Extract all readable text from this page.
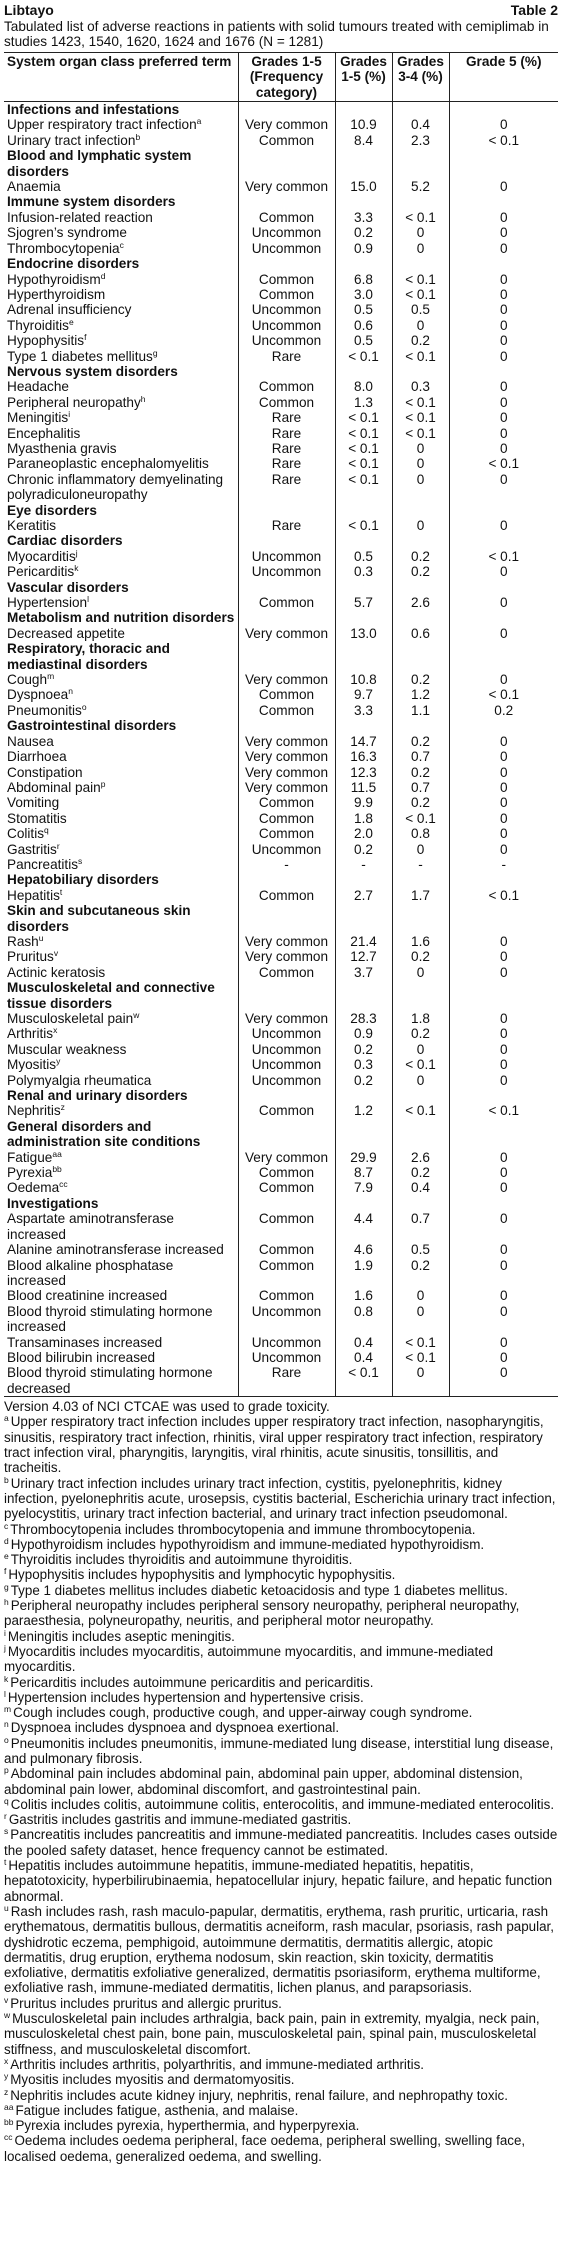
Libtayo	Table 2
Tabulated list of adverse reactions in patients with solid tumours treated with cemiplimab in studies 1423, 1540, 1620, 1624 and 1676 (N = 1281)
System organ class preferred term	Grades 1-5 (Frequency category)	Grades 1-5 (%)	Grades 3-4 (%)	Grade 5 (%)
Infections and infestations				
Upper respiratory tract infection$^a$	Very common	10.9	0.4	0
Urinary tract infection$^b$	Common	8.4	2.3	< 0.1
Blood and lymphatic system disorders				
Anaemia	Very common	15.0	5.2	0
Immune system disorders				
Infusion-related reaction	Common	3.3	< 0.1	0
Sjogren’s syndrome	Uncommon	0.2	0	0
Thrombocytopenia$^c$	Uncommon	0.9	0	0
Endocrine disorders				
Hypothyroidism$^d$	Common	6.8	< 0.1	0
Hyperthyroidism	Common	3.0	< 0.1	0
Adrenal insufficiency	Uncommon	0.5	0.5	0
Thyroiditis$^e$	Uncommon	0.6	0	0
Hypophysitis$^f$	Uncommon	0.5	0.2	0
Type 1 diabetes mellitus$^g$	Rare	< 0.1	< 0.1	0
Nervous system disorders				
Headache	Common	8.0	0.3	0
Peripheral neuropathy$^h$	Common	1.3	< 0.1	0
Meningitis$^i$	Rare	< 0.1	< 0.1	0
Encephalitis	Rare	< 0.1	< 0.1	0
Myasthenia gravis	Rare	< 0.1	0	0
Paraneoplastic encephalomyelitis	Rare	< 0.1	0	< 0.1
Chronic inflammatory demyelinating polyradiculoneuropathy	Rare	< 0.1	0	0
Eye disorders				
Keratitis	Rare	< 0.1	0	0
Cardiac disorders				
Myocarditis$^j$	Uncommon	0.5	0.2	< 0.1
Pericarditis$^k$	Uncommon	0.3	0.2	0
Vascular disorders				
Hypertension$^l$	Common	5.7	2.6	0
Metabolism and nutrition disorders				
Decreased appetite	Very common	13.0	0.6	0
Respiratory, thoracic and mediastinal disorders				
Cough$^m$	Very common	10.8	0.2	0
Dyspnoea$^n$	Common	9.7	1.2	< 0.1
Pneumonitis$^o$	Common	3.3	1.1	0.2
Gastrointestinal disorders				
Nausea	Very common	14.7	0.2	0
Diarrhoea	Very common	16.3	0.7	0
Constipation	Very common	12.3	0.2	0
Abdominal pain$^p$	Very common	11.5	0.7	0
Vomiting	Common	9.9	0.2	0
Stomatitis	Common	1.8	< 0.1	0
Colitis$^q$	Common	2.0	0.8	0
Gastritis$^r$	Uncommon	0.2	0	0
Pancreatitis$^s$	-	-	-	-
Hepatobiliary disorders				
Hepatitis$^t$	Common	2.7	1.7	< 0.1
Skin and subcutaneous skin disorders				
Rash$^u$	Very common	21.4	1.6	0
Pruritus$^v$	Very common	12.7	0.2	0
Actinic keratosis	Common	3.7	0	0
Musculoskeletal and connective tissue disorders				
Musculoskeletal pain$^w$	Very common	28.3	1.8	0
Arthritis$^x$	Uncommon	0.9	0.2	0
Muscular weakness	Uncommon	0.2	0	0
Myositis$^y$	Uncommon	0.3	< 0.1	0
Polymyalgia rheumatica	Uncommon	0.2	0	0
Renal and urinary disorders				
Nephritis$^z$	Common	1.2	< 0.1	< 0.1
General disorders and administration site conditions				
Fatigue$^{aa}$	Very common	29.9	2.6	0
Pyrexia$^{bb}$	Common	8.7	0.2	0
Oedema$^{cc}$	Common	7.9	0.4	0
Investigations				
Aspartate aminotransferase increased	Common	4.4	0.7	0
Alanine aminotransferase increased	Common	4.6	0.5	0
Blood alkaline phosphatase increased	Common	1.9	0.2	0
Blood creatinine increased	Common	1.6	0	0
Blood thyroid stimulating hormone increased	Uncommon	0.8	0	0
Transaminases increased	Uncommon	0.4	< 0.1	0
Blood bilirubin increased	Uncommon	0.4	< 0.1	0
Blood thyroid stimulating hormone decreased	Rare	< 0.1	0	0

Version 4.03 of NCI CTCAE was used to grade toxicity.

$^a$ Upper respiratory tract infection includes upper respiratory tract infection, nasopharyngitis, sinusitis, respiratory tract infection, rhinitis, viral upper respiratory tract infection, respiratory tract infection viral, pharyngitis, laryngitis, viral rhinitis, acute sinusitis, tonsillitis, and tracheitis.

$^b$ Urinary tract infection includes urinary tract infection, cystitis, pyelonephritis, kidney infection, pyelonephritis acute, urosepsis, cystitis bacterial, Escherichia urinary tract infection, pyelocystitis, urinary tract infection bacterial, and urinary tract infection pseudomonal.

$^c$ Thrombocytopenia includes thrombocytopenia and immune thrombocytopenia.

$^d$ Hypothyroidism includes hypothyroidism and immune-mediated hypothyroidism.

$^e$ Thyroiditis includes thyroiditis and autoimmune thyroiditis.

$^f$ Hypophysitis includes hypophysitis and lymphocytic hypophysitis.

$^g$ Type 1 diabetes mellitus includes diabetic ketoacidosis and type 1 diabetes mellitus.

$^h$ Peripheral neuropathy includes peripheral sensory neuropathy, peripheral neuropathy, paraesthesia, polyneuropathy, neuritis, and peripheral motor neuropathy.

$^i$ Meningitis includes aseptic meningitis.

$^j$ Myocarditis includes myocarditis, autoimmune myocarditis, and immune-mediated myocarditis.

$^k$ Pericarditis includes autoimmune pericarditis and pericarditis.

$^l$ Hypertension includes hypertension and hypertensive crisis.

$^m$ Cough includes cough, productive cough, and upper-airway cough syndrome.

$^n$ Dyspnoea includes dyspnoea and dyspnoea exertional.

$^o$ Pneumonitis includes pneumonitis, immune-mediated lung disease, interstitial lung disease, and pulmonary fibrosis.

$^p$ Abdominal pain includes abdominal pain, abdominal pain upper, abdominal distension, abdominal pain lower, abdominal discomfort, and gastrointestinal pain.

$^q$ Colitis includes colitis, autoimmune colitis, enterocolitis, and immune-mediated enterocolitis.

$^r$ Gastritis includes gastritis and immune-mediated gastritis.

$^s$ Pancreatitis includes pancreatitis and immune-mediated pancreatitis. Includes cases outside the pooled safety dataset, hence frequency cannot be estimated.

$^t$ Hepatitis includes autoimmune hepatitis, immune-mediated hepatitis, hepatitis, hepatotoxicity, hyperbilirubinaemia, hepatocellular injury, hepatic failure, and hepatic function abnormal.

$^u$ Rash includes rash, rash maculo-papular, dermatitis, erythema, rash pruritic, urticaria, rash erythematous, dermatitis bullous, dermatitis acneiform, rash macular, psoriasis, rash papular, dyshidrotic eczema, pemphigoid, autoimmune dermatitis, dermatitis allergic, atopic dermatitis, drug eruption, erythema nodosum, skin reaction, skin toxicity, dermatitis exfoliative, dermatitis exfoliative generalized, dermatitis psoriasiform, erythema multiforme, exfoliative rash, immune-mediated dermatitis, lichen planus, and parapsoriasis.

$^v$ Pruritus includes pruritus and allergic pruritus.

$^w$ Musculoskeletal pain includes arthralgia, back pain, pain in extremity, myalgia, neck pain, musculoskeletal chest pain, bone pain, musculoskeletal pain, spinal pain, musculoskeletal stiffness, and musculoskeletal discomfort.

$^x$ Arthritis includes arthritis, polyarthritis, and immune-mediated arthritis.

$^y$ Myositis includes myositis and dermatomyositis.

$^z$ Nephritis includes acute kidney injury, nephritis, renal failure, and nephropathy toxic.

$^{aa}$ Fatigue includes fatigue, asthenia, and malaise.

$^{bb}$ Pyrexia includes pyrexia, hyperthermia, and hyperpyrexia.

$^{cc}$ Oedema includes oedema peripheral, face oedema, peripheral swelling, swelling face, localised oedema, generalized oedema, and swelling.
